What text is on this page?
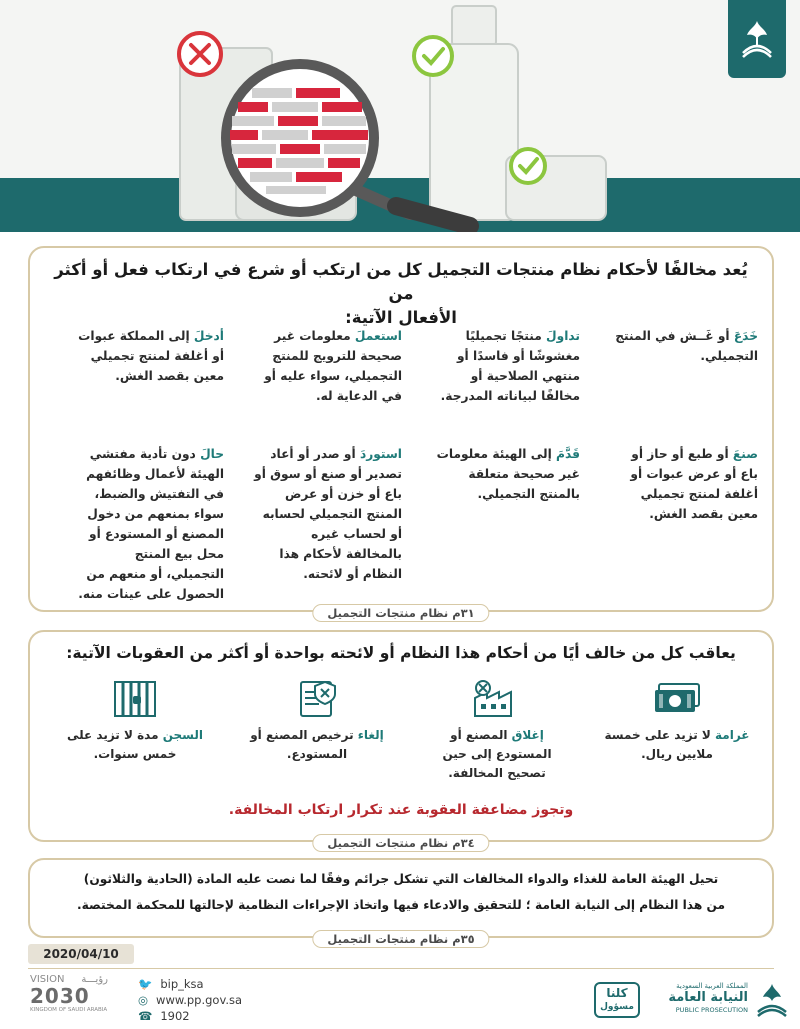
يُعد مخالفًا لأحكام نظام منتجات التجميل كل من ارتكب أو شرع في ارتكاب فعل أو أكثر من
الأفعال الآتية:
خَدَعَ أو غَــش في المنتج التجميلي.
تداولَ منتجًا تجميليًا مغشوشًا أو فاسدًا أو منتهي الصلاحية أو مخالفًا لبياناته المدرجة.
استعملَ معلومات غير صحيحة للترويج للمنتج التجميلي، سواء عليه أو في الدعاية له.
أدخلَ إلى المملكة عبوات أو أغلفة لمنتج تجميلي معين بقصد الغش.
صنعَ أو طبع أو حاز أو باع أو عرض عبوات أو أغلفة لمنتج تجميلي معين بقصد الغش.
قَدَّمَ إلى الهيئة معلومات غير صحيحة متعلقة بالمنتج التجميلي.
استوردَ أو صدر أو أعاد تصدير أو صنع أو سوق أو باع أو خزن أو عرض المنتج التجميلي لحسابه أو لحساب غيره بالمخالفة لأحكام هذا النظام أو لائحته.
حالَ دون تأدية مفتشي الهيئة لأعمال وظائفهم في التفتيش والضبط، سواء بمنعهم من دخول المصنع أو المستودع أو محل بيع المنتج التجميلي، أو منعهم من الحصول على عينات منه.
٣١م نظام منتجات التجميل
يعاقب كل من خالف أيًا من أحكام هذا النظام أو لائحته بواحدة أو أكثر من العقوبات الآتية:
غرامة لا تزيد على خمسة ملايين ريال.
إغلاق المصنع أو المستودع إلى حين تصحيح المخالفة.
إلغاء ترخيص المصنع أو المستودع.
السجن مدة لا تزيد على خمس سنوات.
وتجوز مضاعفة العقوبة عند تكرار ارتكاب المخالفة.
٣٤م نظام منتجات التجميل
تحيل الهيئة العامة للغذاء والدواء المخالفات التي تشكل جرائم وفقًا لما نصت عليه المادة (الحادية والثلاثون)
من هذا النظام إلى النيابة العامة ؛ للتحقيق والادعاء فيها واتخاذ الإجراءات النظامية لإحالتها للمحكمة المختصة.
٣٥م نظام منتجات التجميل
2020/04/10
VISION رؤيـــة
2030
KINGDOM OF SAUDI ARABIA
🐦 bip_ksa
◎ www.pp.gov.sa
☎ 1902
كلنا
مسؤول
المملكة العربية السعودية
النيابة العامة
PUBLIC PROSECUTION
